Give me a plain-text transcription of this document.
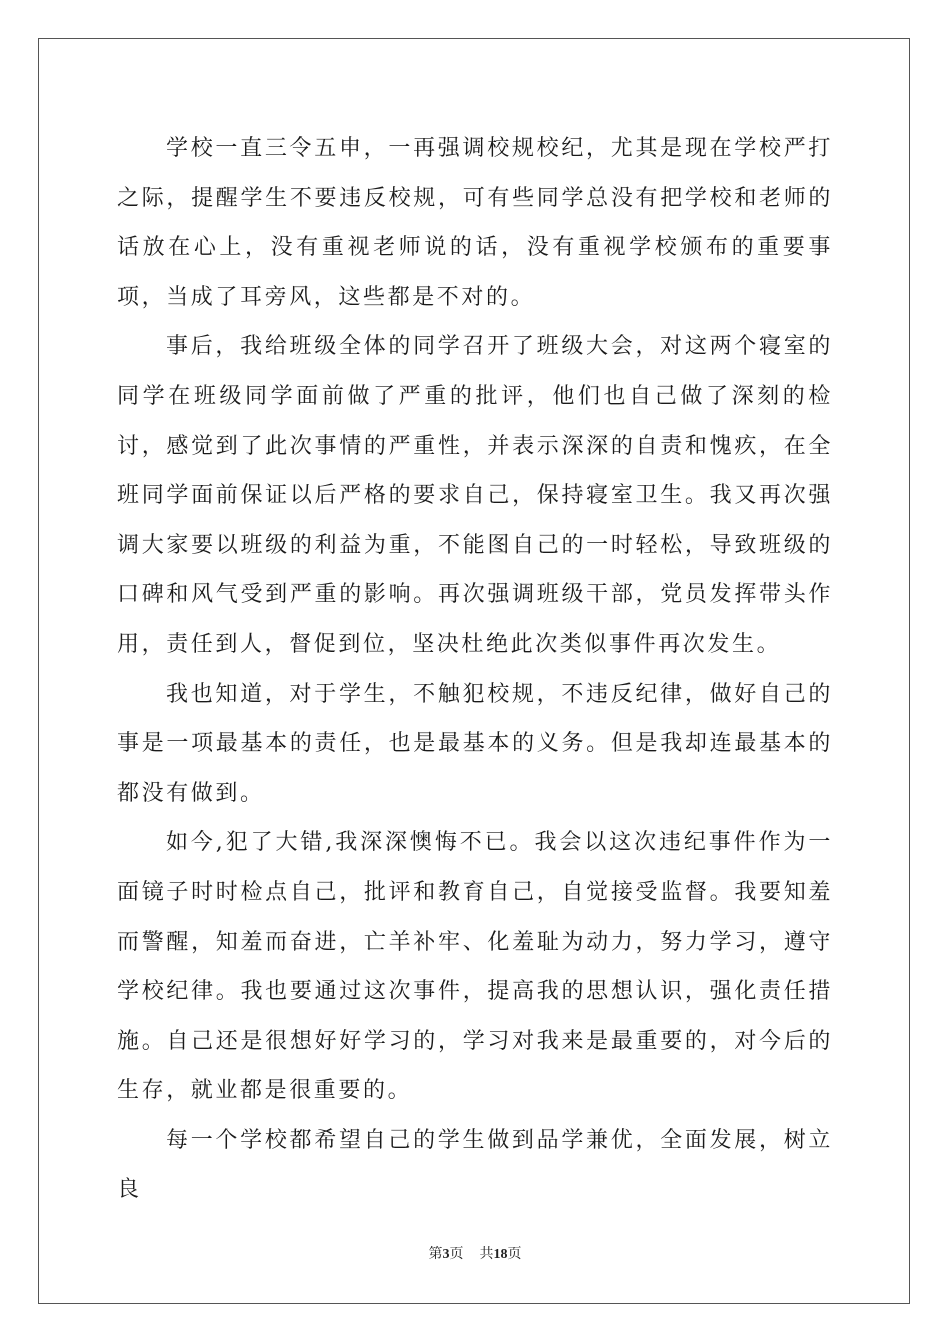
学校一直三令五申，一再强调校规校纪，尤其是现在学校严打之际，提醒学生不要违反校规，可有些同学总没有把学校和老师的话放在心上，没有重视老师说的话，没有重视学校颁布的重要事项，当成了耳旁风，这些都是不对的。

事后，我给班级全体的同学召开了班级大会，对这两个寝室的同学在班级同学面前做了严重的批评，他们也自己做了深刻的检讨，感觉到了此次事情的严重性，并表示深深的自责和愧疚，在全班同学面前保证以后严格的要求自己，保持寝室卫生。我又再次强调大家要以班级的利益为重，不能图自己的一时轻松，导致班级的口碑和风气受到严重的影响。再次强调班级干部，党员发挥带头作用，责任到人，督促到位，坚决杜绝此次类似事件再次发生。

我也知道，对于学生，不触犯校规，不违反纪律，做好自己的事是一项最基本的责任，也是最基本的义务。但是我却连最基本的都没有做到。

如今,犯了大错,我深深懊悔不已。我会以这次违纪事件作为一面镜子时时检点自己，批评和教育自己，自觉接受监督。我要知羞而警醒，知羞而奋进，亡羊补牢、化羞耻为动力，努力学习，遵守学校纪律。我也要通过这次事件，提高我的思想认识，强化责任措施。自己还是很想好好学习的，学习对我来是最重要的，对今后的生存，就业都是很重要的。

每一个学校都希望自己的学生做到品学兼优，全面发展，树立良

第3页 共18页
